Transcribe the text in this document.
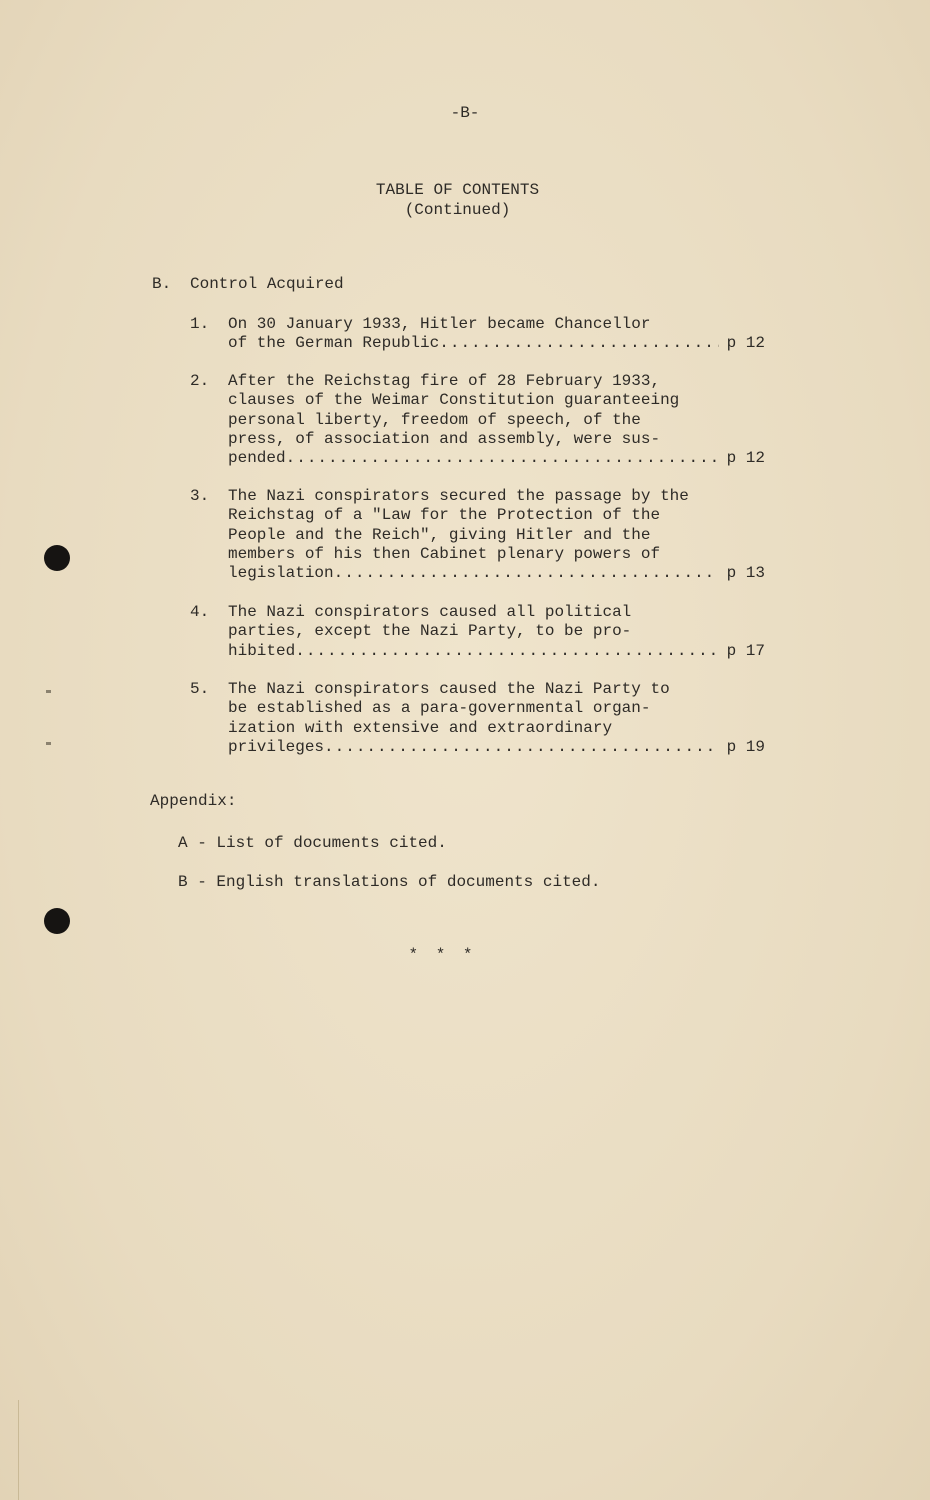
-B-
TABLE OF CONTENTS
(Continued)
B. Control Acquired
1. On 30 January 1933, Hitler became Chancellor
of the German Republic .....	p 12
2. After the Reichstag fire of 28 February 1933,
clauses of the Weimar Constitution guaranteeing
personal liberty, freedom of speech, of the
press, of association and assembly, were sus-
pended .....	p 12
3. The Nazi conspirators secured the passage by the
Reichstag of a "Law for the Protection of the
People and the Reich", giving Hitler and the
members of his then Cabinet plenary powers of
legislation .....	p 13
4. The Nazi conspirators caused all political
parties, except the Nazi Party, to be pro-
hibited .....	p 17
5. The Nazi conspirators caused the Nazi Party to
be established as a para-governmental organ-
ization with extensive and extraordinary
privileges .....	p 19
Appendix:
A - List of documents cited.
B - English translations of documents cited.
* * *
